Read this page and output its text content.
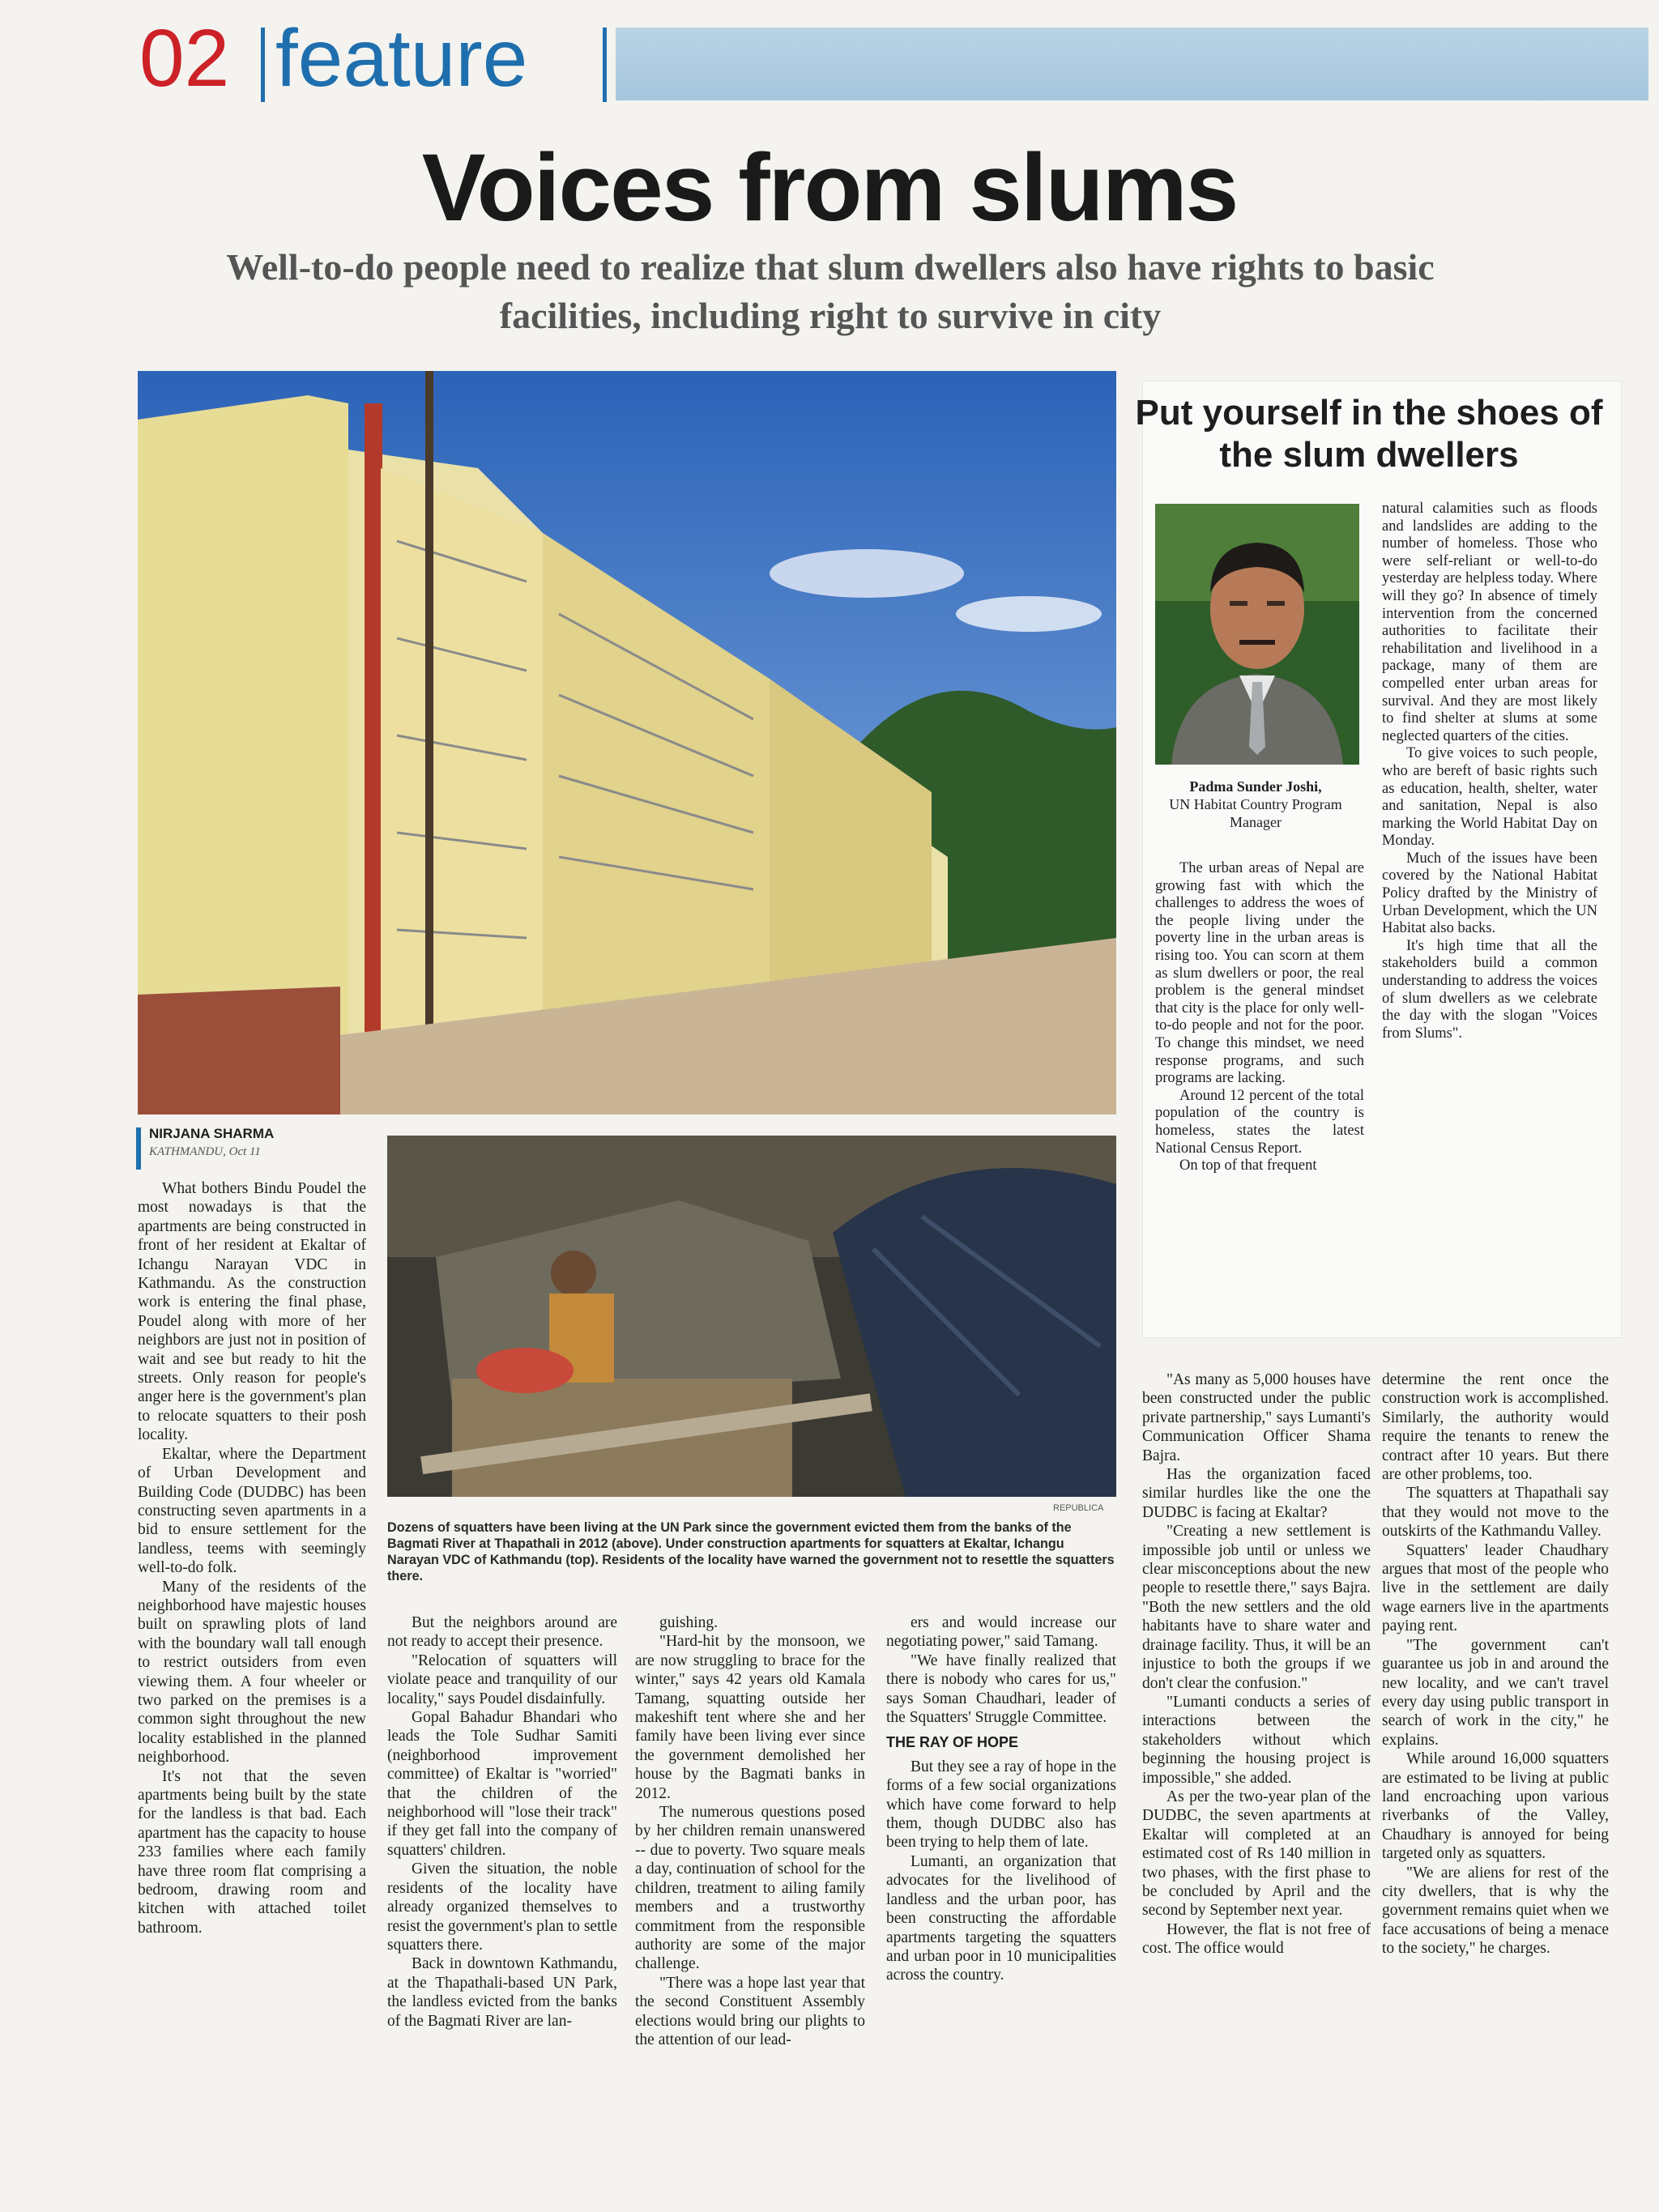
02 feature
Voices from slums
Well-to-do people need to realize that slum dwellers also have rights to basic facilities, including right to survive in city
NIRJANA SHARMA
KATHMANDU, Oct 11
REPUBLICA
Dozens of squatters have been living at the UN Park since the government evicted them from the banks of the Bagmati River at Thapathali in 2012 (above). Under construction apartments for squatters at Ekaltar, Ichangu Narayan VDC of Kathmandu (top). Residents of the locality have warned the government not to resettle the squatters there.

What bothers Bindu Poudel the most nowadays is that the apartments are being constructed in front of her resident at Ekaltar of Ichangu Narayan VDC in Kathmandu. As the construction work is entering the final phase, Poudel along with more of her neighbors are just not in position of wait and see but ready to hit the streets. Only reason for people's anger here is the government's plan to relocate squatters to their posh locality.

Ekaltar, where the Department of Urban Development and Building Code (DUDBC) has been constructing seven apartments in a bid to ensure settlement for the landless, teems with seemingly well-to-do folk.

Many of the residents of the neighborhood have majestic houses built on sprawling plots of land with the boundary wall tall enough to restrict outsiders from even viewing them. A four wheeler or two parked on the premises is a common sight throughout the new locality established in the planned neighborhood.

It's not that the seven apartments being built by the state for the landless is that bad. Each apartment has the capacity to house 233 families where each family have three room flat comprising a bedroom, drawing room and kitchen with attached toilet bathroom.

But the neighbors around are not ready to accept their presence.

"Relocation of squatters will violate peace and tranquility of our locality," says Poudel disdainfully.

Gopal Bahadur Bhandari who leads the Tole Sudhar Samiti (neighborhood improvement committee) of Ekaltar is "worried" that the children of the neighborhood will "lose their track" if they get fall into the company of squatters' children.

Given the situation, the noble residents of the locality have already organized themselves to resist the government's plan to settle squatters there.

Back in downtown Kathmandu, at the Thapathali-based UN Park, the landless evicted from the banks of the Bagmati River are lan-

guishing.

"Hard-hit by the monsoon, we are now struggling to brace for the winter," says 42 years old Kamala Tamang, squatting outside her makeshift tent where she and her family have been living ever since the government demolished her house by the Bagmati banks in 2012.

The numerous questions posed by her children remain unanswered -- due to poverty. Two square meals a day, continuation of school for the children, treatment to ailing family members and a trustworthy commitment from the responsible authority are some of the major challenge.

"There was a hope last year that the second Constituent Assembly elections would bring our plights to the attention of our lead-

ers and would increase our negotiating power," said Tamang.

"We have finally realized that there is nobody who cares for us," says Soman Chaudhari, leader of the Squatters' Struggle Committee.

THE RAY OF HOPE

But they see a ray of hope in the forms of a few social organizations which have come forward to help them, though DUDBC also has been trying to help them of late.

Lumanti, an organization that advocates for the livelihood of landless and the urban poor, has been constructing the affordable apartments targeting the squatters and urban poor in 10 municipalities across the country.

"As many as 5,000 houses have been constructed under the public private partnership," says Lumanti's Communication Officer Shama Bajra.

Has the organization faced similar hurdles like the one the DUDBC is facing at Ekaltar?

"Creating a new settlement is impossible job until or unless we clear misconceptions about the new people to resettle there," says Bajra. "Both the new settlers and the old habitants have to share water and drainage facility. Thus, it will be an injustice to both the groups if we don't clear the confusion."

"Lumanti conducts a series of interactions between the stakeholders without which beginning the housing project is impossible," she added.

As per the two-year plan of the DUDBC, the seven apartments at Ekaltar will completed at an estimated cost of Rs 140 million in two phases, with the first phase to be concluded by April and the second by September next year.

However, the flat is not free of cost. The office would

determine the rent once the construction work is accomplished. Similarly, the authority would require the tenants to renew the contract after 10 years. But there are other problems, too.

The squatters at Thapathali say that they would not move to the outskirts of the Kathmandu Valley.

Squatters' leader Chaudhary argues that most of the people who live in the settlement are daily wage earners live in the apartments paying rent.

"The government can't guarantee us job in and around the new locality, and we can't travel every day using public transport in search of work in the city," he explains.

While around 16,000 squatters are estimated to be living at public land encroaching upon various riverbanks of the Valley, Chaudhary is annoyed for being targeted only as squatters.

"We are aliens for rest of the city dwellers, that is why the government remains quiet when we face accusations of being a menace to the society," he charges.

Put yourself in the shoes of the slum dwellers
Padma Sunder Joshi,
UN Habitat Country Program Manager

The urban areas of Nepal are growing fast with which the challenges to address the woes of the people living under the poverty line in the urban areas is rising too. You can scorn at them as slum dwellers or poor, the real problem is the general mindset that city is the place for only well-to-do people and not for the poor. To change this mindset, we need response programs, and such programs are lacking.

Around 12 percent of the total population of the country is homeless, states the latest National Census Report.

On top of that frequent

natural calamities such as floods and landslides are adding to the number of homeless. Those who were self-reliant or well-to-do yesterday are helpless today. Where will they go? In absence of timely intervention from the concerned authorities to facilitate their rehabilitation and livelihood in a package, many of them are compelled enter urban areas for survival. And they are most likely to find shelter at slums at some neglected quarters of the cities.

To give voices to such people, who are bereft of basic rights such as education, health, shelter, water and sanitation, Nepal is also marking the World Habitat Day on Monday.

Much of the issues have been covered by the National Habitat Policy drafted by the Ministry of Urban Development, which the UN Habitat also backs.

It's high time that all the stakeholders build a common understanding to address the voices of slum dwellers as we celebrate the day with the slogan "Voices from Slums".
